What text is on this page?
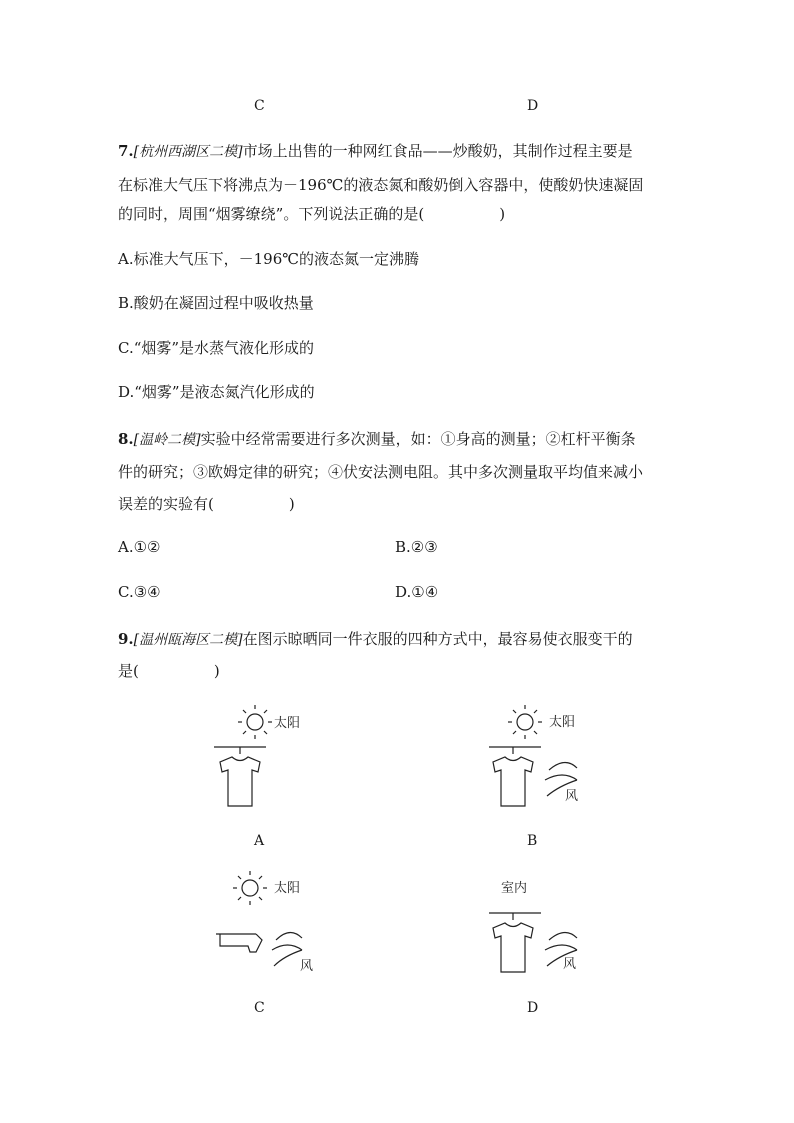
C	D
7.[杭州西湖区二模]市场上出售的一种网红食品——炒酸奶，其制作过程主要是
在标准大气压下将沸点为－196℃的液态氮和酸奶倒入容器中，使酸奶快速凝固
的同时，周围“烟雾缭绕”。下列说法正确的是(　　　　　)
A.标准大气压下，－196℃的液态氮一定沸腾
B.酸奶在凝固过程中吸收热量
C.“烟雾”是水蒸气液化形成的
D.“烟雾”是液态氮汽化形成的
8.[温岭二模]实验中经常需要进行多次测量，如：①身高的测量；②杠杆平衡条
件的研究；③欧姆定律的研究；④伏安法测电阻。其中多次测量取平均值来减小
误差的实验有(　　　　　)
A.①②	B.②③
C.③④	D.①④
9.[温州瓯海区二模]在图示晾晒同一件衣服的四种方式中，最容易使衣服变干的
是(　　　　　)
太阳
A
太阳
风
B
太阳
风
C
室内
风
D
